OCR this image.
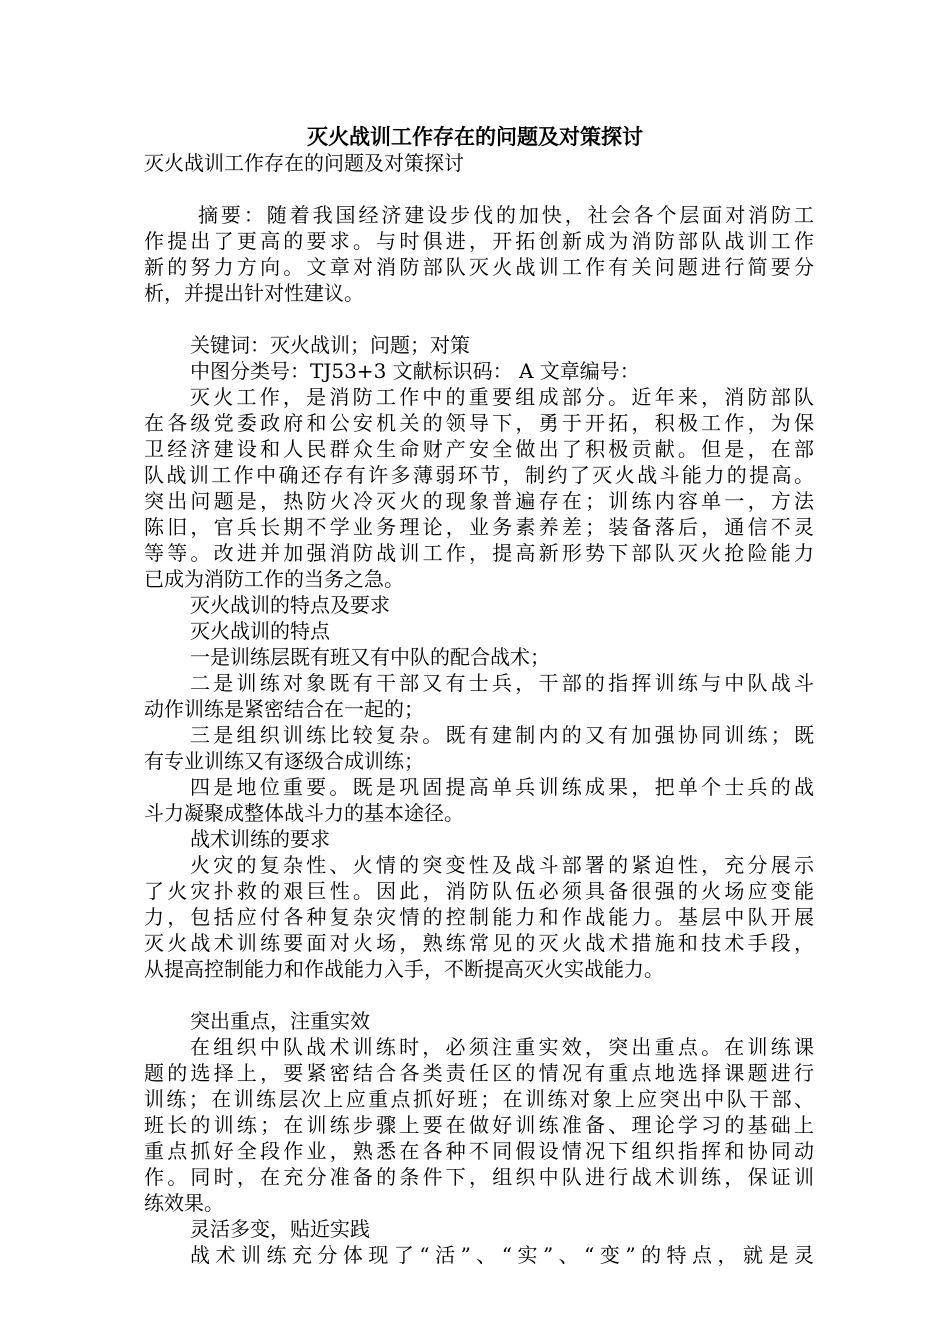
灭火战训工作存在的问题及对策探讨
灭火战训工作存在的问题及对策探讨
摘要：随着我国经济建设步伐的加快，社会各个层面对消防工
作提出了更高的要求。与时俱进，开拓创新成为消防部队战训工作
新的努力方向。文章对消防部队灭火战训工作有关问题进行简要分
析，并提出针对性建议。
关键词：灭火战训；问题；对策
中图分类号：TJ53+3 文献标识码： A 文章编号：
灭火工作，是消防工作中的重要组成部分。近年来，消防部队
在各级党委政府和公安机关的领导下，勇于开拓，积极工作，为保
卫经济建设和人民群众生命财产安全做出了积极贡献。但是，在部
队战训工作中确还存有许多薄弱环节，制约了灭火战斗能力的提高。
突出问题是，热防火冷灭火的现象普遍存在；训练内容单一，方法
陈旧，官兵长期不学业务理论，业务素养差；装备落后，通信不灵
等等。改进并加强消防战训工作，提高新形势下部队灭火抢险能力
已成为消防工作的当务之急。
灭火战训的特点及要求
灭火战训的特点
一是训练层既有班又有中队的配合战术；
二是训练对象既有干部又有士兵，干部的指挥训练与中队战斗
动作训练是紧密结合在一起的；
三是组织训练比较复杂。既有建制内的又有加强协同训练；既
有专业训练又有逐级合成训练；
四是地位重要。既是巩固提高单兵训练成果，把单个士兵的战
斗力凝聚成整体战斗力的基本途径。
战术训练的要求
火灾的复杂性、火情的突变性及战斗部署的紧迫性，充分展示
了火灾扑救的艰巨性。因此，消防队伍必须具备很强的火场应变能
力，包括应付各种复杂灾情的控制能力和作战能力。基层中队开展
灭火战术训练要面对火场，熟练常见的灭火战术措施和技术手段，
从提高控制能力和作战能力入手，不断提高灭火实战能力。
突出重点，注重实效
在组织中队战术训练时，必须注重实效，突出重点。在训练课
题的选择上，要紧密结合各类责任区的情况有重点地选择课题进行
训练；在训练层次上应重点抓好班；在训练对象上应突出中队干部、
班长的训练；在训练步骤上要在做好训练准备、理论学习的基础上
重点抓好全段作业，熟悉在各种不同假设情况下组织指挥和协同动
作。同时，在充分准备的条件下，组织中队进行战术训练，保证训
练效果。
灵活多变，贴近实践
战术训练充分体现了“活”、“实”、“变”的特点，就是灵
